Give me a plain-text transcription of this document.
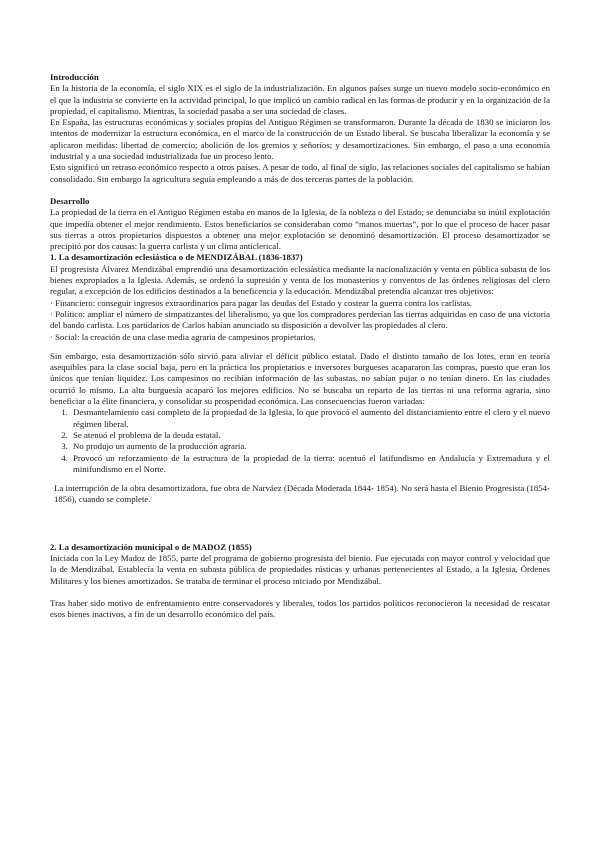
Introducción

En la historia de la economía, el siglo XIX es el siglo de la industrialización. En algunos países surge un nuevo modelo socio-económico en el que la industria se convierte en la actividad principal, lo que implicó un cambio radical en las formas de producir y en la organización de la propiedad, el capitalismo. Mientras, la sociedad pasaba a ser una sociedad de clases.

En España, las estructuras económicas y sociales propias del Antiguo Régimen se transformaron. Durante la década de 1830 se iniciaron los intentos de modernizar la estructura económica, en el marco de la construcción de un Estado liberal. Se buscaba liberalizar la economía y se aplicaron medidas: libertad de comercio; abolición de los gremios y señoríos; y desamortizaciones. Sin embargo, el paso a una economía industrial y a una sociedad industrializada fue un proceso lento.

Esto significó un retraso económico respecto a otros países. A pesar de todo, al final de siglo, las relaciones sociales del capitalismo se habían consolidado. Sin embargo la agricultura seguía empleando a más de dos terceras partes de la población.

Desarrollo

La propiedad de la tierra en el Antiguo Régimen estaba en manos de la Iglesia, de la nobleza o del Estado; se denunciaba su inútil explotación que impedía obtener el mejor rendimiento. Estos beneficiarios se consideraban como “manos muertas”, por lo que el proceso de hacer pasar sus tierras a otros propietarios dispuestos a obtener una mejor explotación se denominó desamortización. El proceso desamortizador se precipitó por dos causas: la guerra carlista y un clima anticlerical.

1. La desamortización eclesiástica o de MENDIZÁBAL (1836-1837)

El progresista Álvarez Mendizábal emprendió una desamortización eclesiástica mediante la nacionalización y venta en pública subasta de los bienes expropiados a la Iglesia. Además, se ordenó la supresión y venta de los monasterios y conventos de las órdenes religiosas del clero regular, a excepción de los edificios destinados a la beneficencia y la educación. Mendizábal pretendía alcanzar tres objetivos:

· Financiero: conseguir ingresos extraordinarios para pagar las deudas del Estado y costear la guerra contra los carlistas.

· Político: ampliar el número de simpatizantes del liberalismo, ya que los compradores perderían las tierras adquiridas en caso de una victoria del bando carlista. Los partidarios de Carlos habían anunciado su disposición a devolver las propiedades al clero.

· Social: la creación de una clase media agraria de campesinos propietarios.

Sin embargo, esta desamortización sólo sirvió para aliviar el déficit público estatal. Dado el distinto tamaño de los lotes, eran en teoría asequibles para la clase social baja, pero en la práctica los propietarios e inversores burgueses acapararon las compras, puesto que eran los únicos que tenían liquidez. Los campesinos no recibían información de las subastas, no sabían pujar o no tenían dinero. En las ciudades ocurrió lo mismo. La alta burguesía acaparó los mejores edificios. No se buscaba un reparto de las tierras ni una reforma agraria, sino beneficiar a la élite financiera, y consolidar su prosperidad económica. Las consecuencias fueron variadas:

1. Desmantelamiento casi completo de la propiedad de la Iglesia, lo que provocó el aumento del distanciamiento entre el clero y el nuevo régimen liberal.
2. Se atenuó el problema de la deuda estatal.
3. No produjo un aumento de la producción agraria.
4. Provocó un reforzamiento de la estructura de la propiedad de la tierra: acentuó el latifundismo en Andalucía y Extremadura y el minifundismo en el Norte.

La interrupción de la obra desamortizadora, fue obra de Narváez (Década Moderada 1844- 1854). No será hasta el Bienio Progresista (1854-1856), cuando se complete.

2. La desamortización municipal o de MADOZ (1855)

Iniciada con la Ley Madoz de 1855, parte del programa de gobierno progresista del bienio. Fue ejecutada con mayor control y velocidad que la de Mendizábal. Establecía la venta en subasta pública de propiedades rústicas y urbanas pertenecientes al Estado, a la Iglesia, Órdenes Militares y los bienes amortizados. Se trataba de terminar el proceso iniciado por Mendizábal.

Tras haber sido motivo de enfrentamiento entre conservadores y liberales, todos los partidos políticos reconocieron la necesidad de rescatar esos bienes inactivos, a fin de un desarrollo económico del país.
